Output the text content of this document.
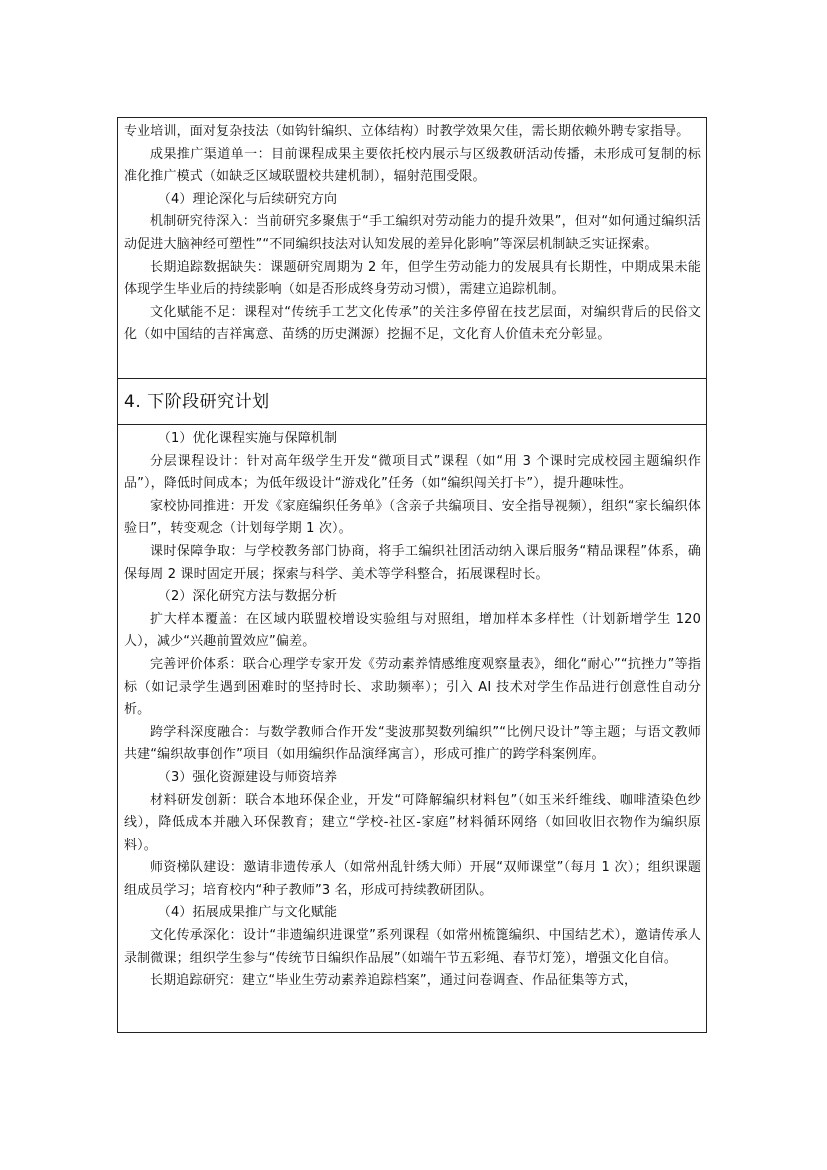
专业培训，面对复杂技法（如钩针编织、立体结构）时教学效果欠佳，需长期依赖外聘专家指导。

成果推广渠道单一：目前课程成果主要依托校内展示与区级教研活动传播，未形成可复制的标准化推广模式（如缺乏区域联盟校共建机制），辐射范围受限。

（4）理论深化与后续研究方向

机制研究待深入：当前研究多聚焦于“手工编织对劳动能力的提升效果”，但对“如何通过编织活动促进大脑神经可塑性”“不同编织技法对认知发展的差异化影响”等深层机制缺乏实证探索。

长期追踪数据缺失：课题研究周期为 2 年，但学生劳动能力的发展具有长期性，中期成果未能体现学生毕业后的持续影响（如是否形成终身劳动习惯），需建立追踪机制。

文化赋能不足：课程对“传统手工艺文化传承”的关注多停留在技艺层面，对编织背后的民俗文化（如中国结的吉祥寓意、苗绣的历史渊源）挖掘不足，文化育人价值未充分彰显。

4. 下阶段研究计划

（1）优化课程实施与保障机制

分层课程设计：针对高年级学生开发“微项目式”课程（如“用 3 个课时完成校园主题编织作品”），降低时间成本；为低年级设计“游戏化”任务（如“编织闯关打卡”），提升趣味性。

家校协同推进：开发《家庭编织任务单》（含亲子共编项目、安全指导视频），组织“家长编织体验日”，转变观念（计划每学期 1 次）。

课时保障争取：与学校教务部门协商，将手工编织社团活动纳入课后服务“精品课程”体系，确保每周 2 课时固定开展；探索与科学、美术等学科整合，拓展课程时长。

（2）深化研究方法与数据分析

扩大样本覆盖：在区域内联盟校增设实验组与对照组，增加样本多样性（计划新增学生 120 人），减少“兴趣前置效应”偏差。

完善评价体系：联合心理学专家开发《劳动素养情感维度观察量表》，细化“耐心”“抗挫力”等指标（如记录学生遇到困难时的坚持时长、求助频率）；引入 AI 技术对学生作品进行创意性自动分析。

跨学科深度融合：与数学教师合作开发“斐波那契数列编织”“比例尺设计”等主题；与语文教师共建“编织故事创作”项目（如用编织作品演绎寓言），形成可推广的跨学科案例库。

（3）强化资源建设与师资培养

材料研发创新：联合本地环保企业，开发“可降解编织材料包”（如玉米纤维线、咖啡渣染色纱线），降低成本并融入环保教育；建立“学校-社区-家庭”材料循环网络（如回收旧衣物作为编织原料）。

师资梯队建设：邀请非遗传承人（如常州乱针绣大师）开展“双师课堂”（每月 1 次）；组织课题组成员学习；培育校内“种子教师”3 名，形成可持续教研团队。

（4）拓展成果推广与文化赋能

文化传承深化：设计“非遗编织进课堂”系列课程（如常州梳篦编织、中国结艺术），邀请传承人录制微课；组织学生参与“传统节日编织作品展”（如端午节五彩绳、春节灯笼），增强文化自信。

长期追踪研究：建立“毕业生劳动素养追踪档案”，通过问卷调查、作品征集等方式，
